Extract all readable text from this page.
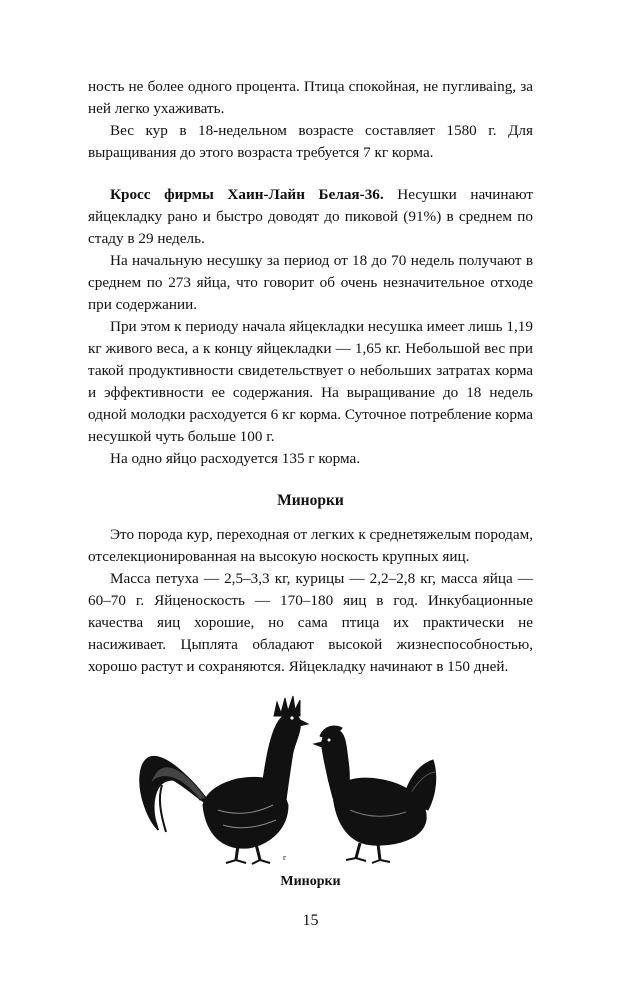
ность не более одного процента. Птица спокойная, не пугливаing, за ней легко ухаживать.

Вес кур в 18-недельном возрасте составляет 1580 г. Для выращивания до этого возраста требуется 7 кг корма.

Кросс фирмы Хаин-Лайн Белая-36. Несушки начинают яйцекладку рано и быстро доводят до пиковой (91%) в среднем по стаду в 29 недель.

На начальную несушку за период от 18 до 70 недель получают в среднем по 273 яйца, что говорит об очень незначительное отходе при содержании.

При этом к периоду начала яйцекладки несушка имеет лишь 1,19 кг живого веса, а к концу яйцекладки — 1,65 кг. Небольшой вес при такой продуктивности свидетельствует о небольших затратах корма и эффективности ее содержания. На выращивание до 18 недель одной молодки расходуется 6 кг корма. Суточное потребление корма несушкой чуть больше 100 г.

На одно яйцо расходуется 135 г корма.

Минорки

Это порода кур, переходная от легких к среднетяжелым породам, отселекционированная на высокую носкость крупных яиц.

Масса петуха — 2,5–3,3 кг, курицы — 2,2–2,8 кг, масса яйца — 60–70 г. Яйценоскость — 170–180 яиц в год. Инкубационные качества яиц хорошие, но сама птица их практически не насиживает. Цыплята обладают высокой жизнеспособностью, хорошо растут и сохраняются. Яйцекладку начинают в 150 дней.

г
Минорки
15
